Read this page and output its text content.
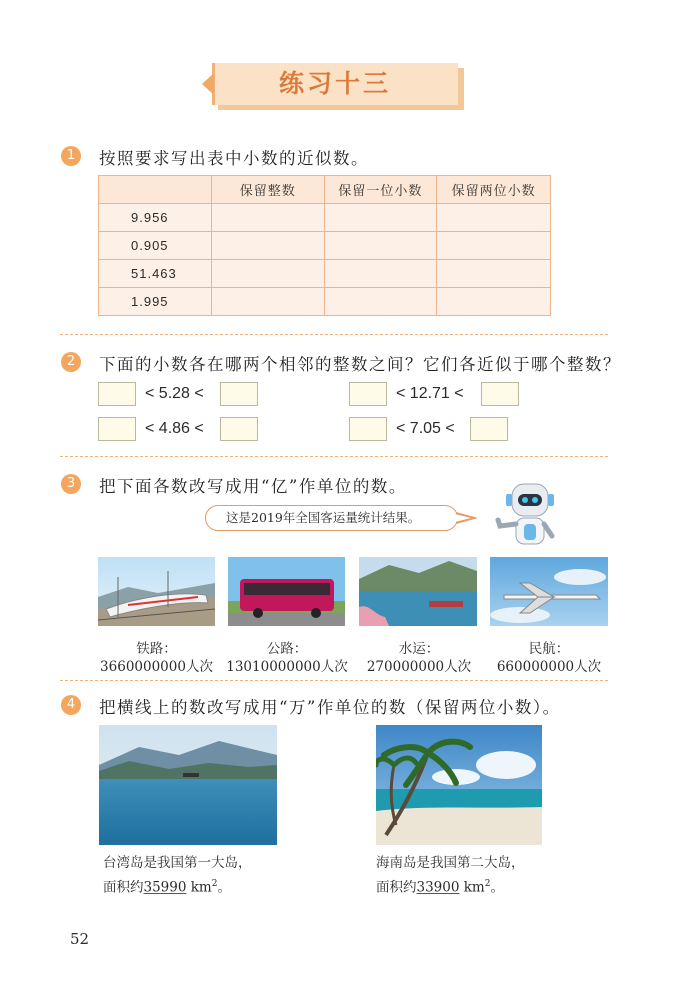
练习十三
1	按照要求写出表中小数的近似数。
	保留整数	保留一位小数	保留两位小数
9.956			
0.905			
51.463			
1.995			
2	下面的小数各在哪两个相邻的整数之间？它们各近似于哪个整数？
< 5.28 <	< 12.71 <
< 4.86 <	< 7.05 <
3	把下面各数改写成用“亿”作单位的数。
这是2019年全国客运量统计结果。
铁路：
3660000000人次
公路：
13010000000人次
水运：
270000000人次
民航：
660000000人次
4	把横线上的数改写成用“万”作单位的数（保留两位小数）。
台湾岛是我国第一大岛，
面积约35990 $km^2$。
海南岛是我国第二大岛，
面积约33900 $km^2$。
52
